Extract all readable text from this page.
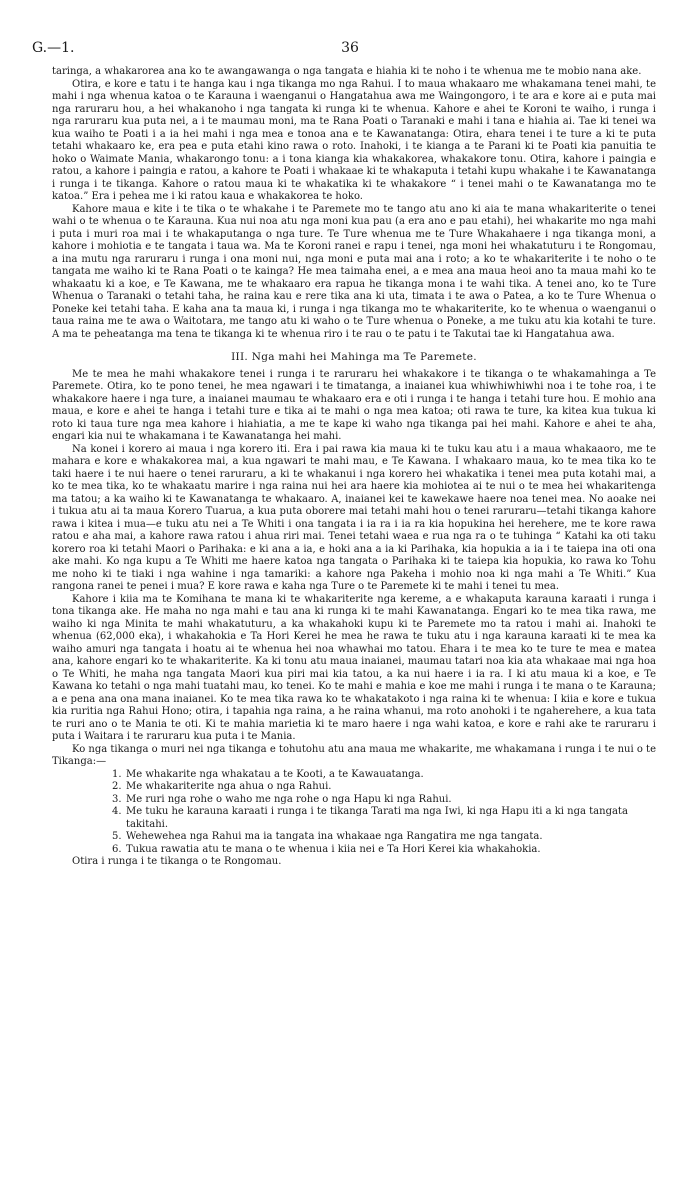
36
G.—1.

taringa, a whakarorea ana ko te awangawanga o nga tangata e hiahia ki te noho i te whenua me te mobio nana ake.

Otira, e kore e tatu i te hanga kau i nga tikanga mo nga Rahui. I to maua whakaaro me whakamana tenei mahi, te mahi i nga whenua katoa o te Karauna i waenganui o Hangatahua awa me Waingongoro, i te ara e kore ai e puta mai nga raruraru hou, a hei whakanoho i nga tangata ki runga ki te whenua. Kahore e ahei te Koroni te waiho, i runga i nga raruraru kua puta nei, a i te maumau moni, ma te Rana Poati o Taranaki e mahi i tana e hiahia ai. Tae ki tenei wa kua waiho te Poati i a ia hei mahi i nga mea e tonoa ana e te Kawanatanga: Otira, ehara tenei i te ture a ki te puta tetahi whakaaro ke, era pea e puta etahi kino rawa o roto. Inahoki, i te kianga a te Parani ki te Poati kia panuitia te hoko o Waimate Mania, whakarongo tonu: a i tona kianga kia whakakorea, whakakore tonu. Otira, kahore i paingia e ratou, a kahore i paingia e ratou, a kahore te Poati i whakaae ki te whakaputa i tetahi kupu whakahe i te Kawanatanga i runga i te tikanga. Kahore o ratou maua ki te whakatika ki te whakakore “ i tenei mahi o te Kawanatanga mo te katoa.” Era i pehea me i ki ratou kaua e whakakorea te hoko.

Kahore maua e kite i te tika o te whakahe i te Paremete mo te tango atu ano ki aia te mana whakariterite o tenei wahi o te whenua o te Karauna. Kua nui noa atu nga moni kua pau (a era ano e pau etahi), hei whakarite mo nga mahi i puta i muri roa mai i te whakaputanga o nga ture. Te Ture whenua me te Ture Whakahaere i nga tikanga moni, a kahore i mohiotia e te tangata i taua wa. Ma te Koroni ranei e rapu i tenei, nga moni hei whakatuturu i te Rongomau, a ina mutu nga raruraru i runga i ona moni nui, nga moni e puta mai ana i roto; a ko te whakariterite i te noho o te tangata me waiho ki te Rana Poati o te kainga? He mea taimaha enei, a e mea ana maua heoi ano ta maua mahi ko te whakaatu ki a koe, e Te Kawana, me te whakaaro era rapua he tikanga mona i te wahi tika. A tenei ano, ko te Ture Whenua o Taranaki o tetahi taha, he raina kau e rere tika ana ki uta, timata i te awa o Patea, a ko te Ture Whenua o Poneke kei tetahi taha. E kaha ana ta maua ki, i runga i nga tikanga mo te whakariterite, ko te whenua o waenganui o taua raina me te awa o Waitotara, me tango atu ki waho o te Ture whenua o Poneke, a me tuku atu kia kotahi te ture. A ma te peheatanga ma tena te tikanga ki te whenua riro i te rau o te patu i te Takutai tae ki Hangatahua awa.

III. Nga mahi hei Mahinga ma Te Paremete.

Me te mea he mahi whakakore tenei i runga i te raruraru hei whakakore i te tikanga o te whakamahinga a Te Paremete. Otira, ko te pono tenei, he mea ngawari i te timatanga, a inaianei kua whiwhiwhiwhi noa i te tohe roa, i te whakakore haere i nga ture, a inaianei maumau te whakaaro era e oti i runga i te hanga i tetahi ture hou. E mohio ana maua, e kore e ahei te hanga i tetahi ture e tika ai te mahi o nga mea katoa; oti rawa te ture, ka kitea kua tukua ki roto ki taua ture nga mea kahore i hiahiatia, a me te kape ki waho nga tikanga pai hei mahi. Kahore e ahei te aha, engari kia nui te whakamana i te Kawanatanga hei mahi.

Na konei i korero ai maua i nga korero iti. Era i pai rawa kia maua ki te tuku kau atu i a maua whakaaoro, me te mahara e kore e whakakorea mai, a kua ngawari te mahi mau, e Te Kawana. I whakaaro maua, ko te mea tika ko te taki haere i te nui haere o tenei raruraru, a ki te whakanui i nga korero hei whakatika i tenei mea puta kotahi mai, a ko te mea tika, ko te whakaatu marire i nga raina nui hei ara haere kia mohiotea ai te nui o te mea hei whakaritenga ma tatou; a ka waiho ki te Kawanatanga te whakaaro. A, inaianei kei te kawekawe haere noa tenei mea. No aoake nei i tukua atu ai ta maua Korero Tuarua, a kua puta oborere mai tetahi mahi hou o tenei raruraru—tetahi tikanga kahore rawa i kitea i mua—e tuku atu nei a Te Whiti i ona tangata i ia ra i ia ra kia hopukina hei herehere, me te kore rawa ratou e aha mai, a kahore rawa ratou i ahua riri mai. Tenei tetahi waea e rua nga ra o te tuhinga “ Katahi ka oti taku korero roa ki tetahi Maori o Parihaka: e ki ana a ia, e hoki ana a ia ki Parihaka, kia hopukia a ia i te taiepa ina oti ona ake mahi. Ko nga kupu a Te Whiti me haere katoa nga tangata o Parihaka ki te taiepa kia hopukia, ko rawa ko Tohu me noho ki te tiaki i nga wahine i nga tamariki: a kahore nga Pakeha i mohio noa ki nga mahi a Te Whiti.” Kua rangona ranei te penei i mua? E kore rawa e kaha nga Ture o te Paremete ki te mahi i tenei tu mea.

Kahore i kiia ma te Komihana te mana ki te whakariterite nga kereme, a e whakaputa karauna karaati i runga i tona tikanga ake. He maha no nga mahi e tau ana ki runga ki te mahi Kawanatanga. Engari ko te mea tika rawa, me waiho ki nga Minita te mahi whakatuturu, a ka whakahoki kupu ki te Paremete mo ta ratou i mahi ai. Inahoki te whenua (62,000 eka), i whakahokia e Ta Hori Kerei he mea he rawa te tuku atu i nga karauna karaati ki te mea ka waiho amuri nga tangata i hoatu ai te whenua hei noa whawhai mo tatou. Ehara i te mea ko te ture te mea e matea ana, kahore engari ko te whakariterite. Ka ki tonu atu maua inaianei, maumau tatari noa kia ata whakaae mai nga hoa o Te Whiti, he maha nga tangata Maori kua piri mai kia tatou, a ka nui haere i ia ra. I ki atu maua ki a koe, e Te Kawana ko tetahi o nga mahi tuatahi mau, ko tenei. Ko te mahi e mahia e koe me mahi i runga i te mana o te Karauna; a e pena ana ona mana inaianei. Ko te mea tika rawa ko te whakatakoto i nga raina ki te whenua: I kiia e kore e tukua kia ruritia nga Rahui Hono; otira, i tapahia nga raina, a he raina whanui, ma roto anohoki i te ngaherehere, a kua tata te ruri ano o te Mania te oti. Ki te mahia marietia ki te maro haere i nga wahi katoa, e kore e rahi ake te raruraru i puta i Waitara i te raruraru kua puta i te Mania.

Ko nga tikanga o muri nei nga tikanga e tohutohu atu ana maua me whakarite, me whakamana i runga i te nui o te Tikanga:—

1. Me whakarite nga whakatau a te Kooti, a te Kawauatanga.
2. Me whakariterite nga ahua o nga Rahui.
3. Me ruri nga rohe o waho me nga rohe o nga Hapu ki nga Rahui.
4. Me tuku he karauna karaati i runga i te tikanga Tarati ma nga Iwi, ki nga Hapu iti a ki nga tangata takitahi.
5. Wehewehea nga Rahui ma ia tangata ina whakaae nga Rangatira me nga tangata.
6. Tukua rawatia atu te mana o te whenua i kiia nei e Ta Hori Kerei kia whakahokia.

Otira i runga i te tikanga o te Rongomau.
